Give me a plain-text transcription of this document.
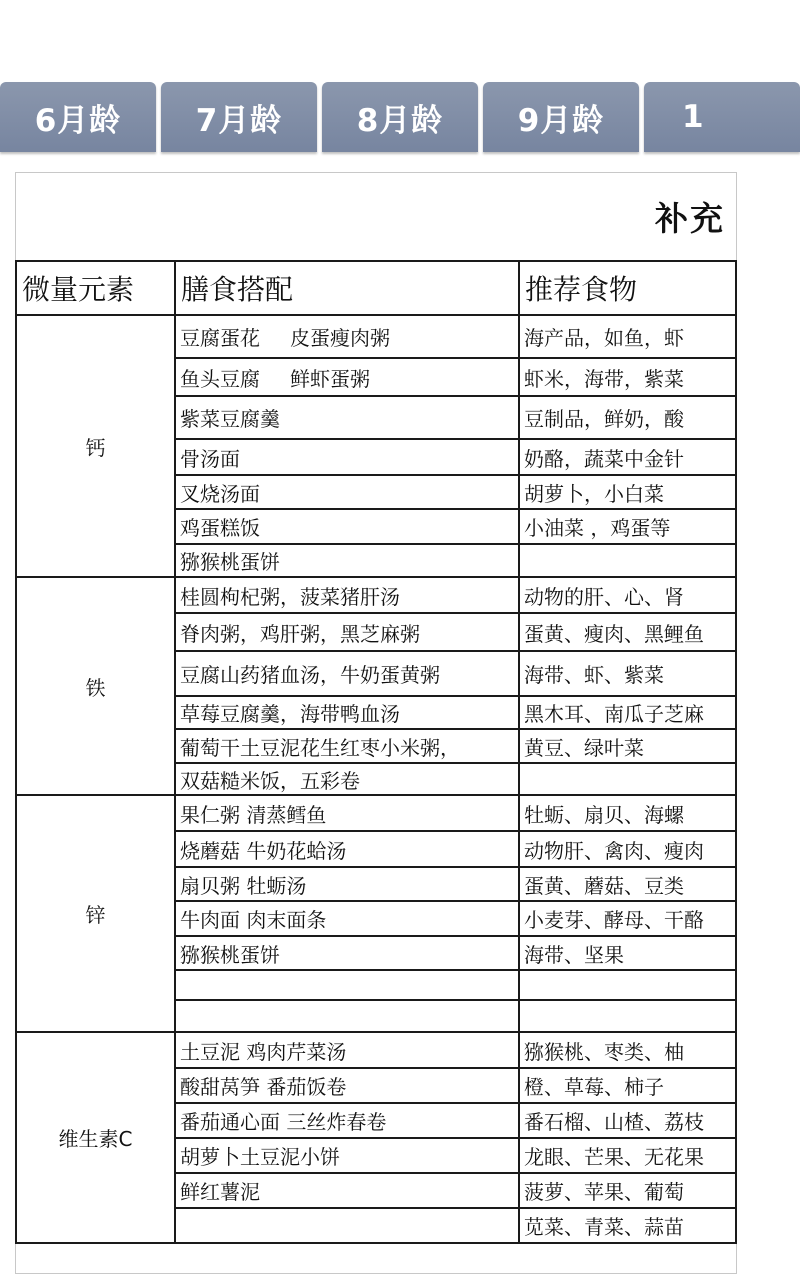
6月龄	7月龄	8月龄	9月龄	1
补充
微量元素	膳食搭配	推荐食物
钙	豆腐蛋花 皮蛋瘦肉粥	海产品，如鱼，虾
	鱼头豆腐 鲜虾蛋粥	虾米，海带，紫菜
	紫菜豆腐羹	豆制品，鲜奶，酸
	骨汤面	奶酪，蔬菜中金针
	叉烧汤面	胡萝卜，小白菜
	鸡蛋糕饭	小油菜 ，鸡蛋等
	猕猴桃蛋饼	
铁	桂圆枸杞粥，菠菜猪肝汤	动物的肝、心、肾
	脊肉粥，鸡肝粥，黑芝麻粥	蛋黄、瘦肉、黑鲤鱼
	豆腐山药猪血汤，牛奶蛋黄粥	海带、虾、紫菜
	草莓豆腐羹，海带鸭血汤	黑木耳、南瓜子芝麻
	葡萄干土豆泥花生红枣小米粥，	黄豆、绿叶菜
	双菇糙米饭，五彩卷	
锌	果仁粥 清蒸鳕鱼	牡蛎、扇贝、海螺
	烧蘑菇 牛奶花蛤汤	动物肝、禽肉、瘦肉
	扇贝粥 牡蛎汤	蛋黄、蘑菇、豆类
	牛肉面 肉末面条	小麦芽、酵母、干酪
	猕猴桃蛋饼	海带、坚果

维生素C	土豆泥 鸡肉芹菜汤	猕猴桃、枣类、柚
	酸甜莴笋 番茄饭卷	橙、草莓、柿子
	番茄通心面 三丝炸春卷	番石榴、山楂、荔枝
	胡萝卜土豆泥小饼	龙眼、芒果、无花果
	鲜红薯泥	菠萝、苹果、葡萄
		苋菜、青菜、蒜苗
